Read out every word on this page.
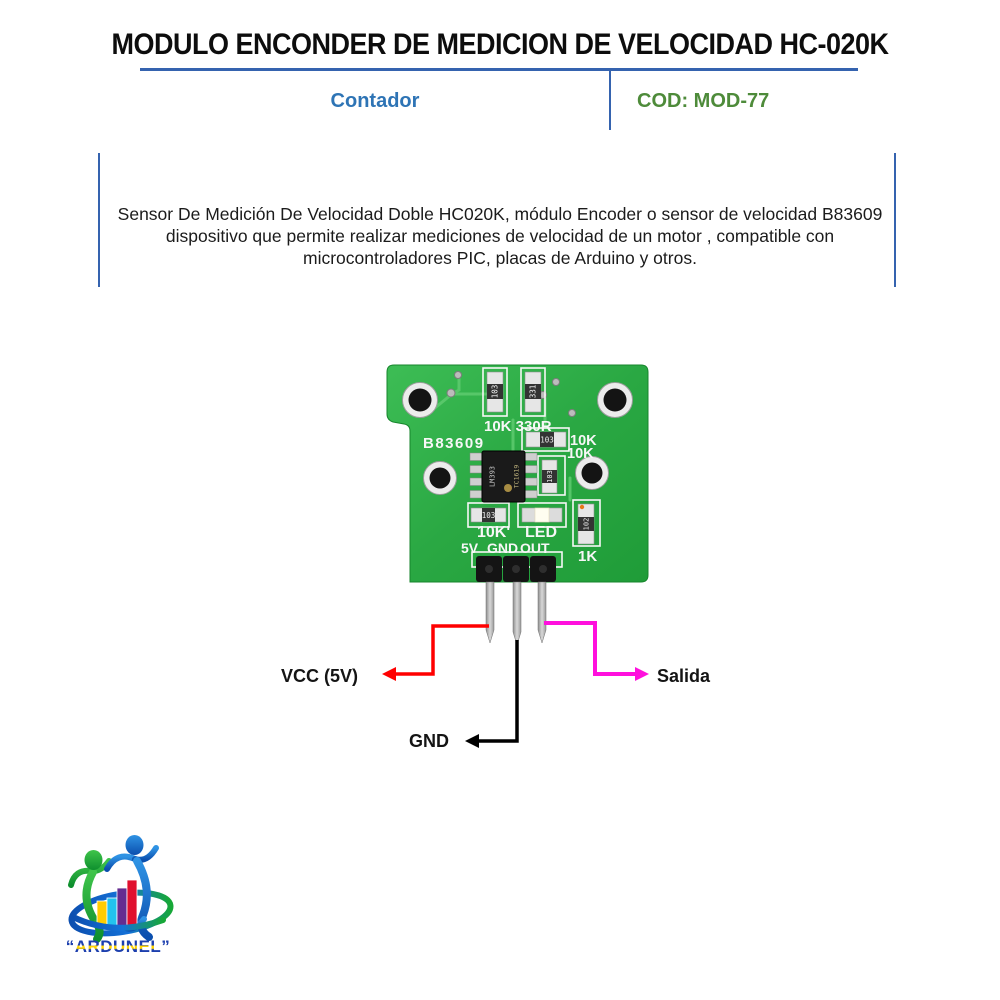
MODULO ENCONDER DE MEDICION DE VELOCIDAD HC-020K
Contador	COD: MOD-77
Sensor De Medición De Velocidad Doble HC020K, módulo Encoder o sensor de velocidad B83609 dispositivo que permite realizar mediciones de velocidad de un motor , compatible con microcontroladores PIC, placas de Arduino y otros.
103	331
103
103
103
102
LM393 TC1619
B83609
10K 330R
10K
10K
10K' LED
1K
5V GND OUT
VCC (5V)	Salida
GND
“ARDUNEL”
